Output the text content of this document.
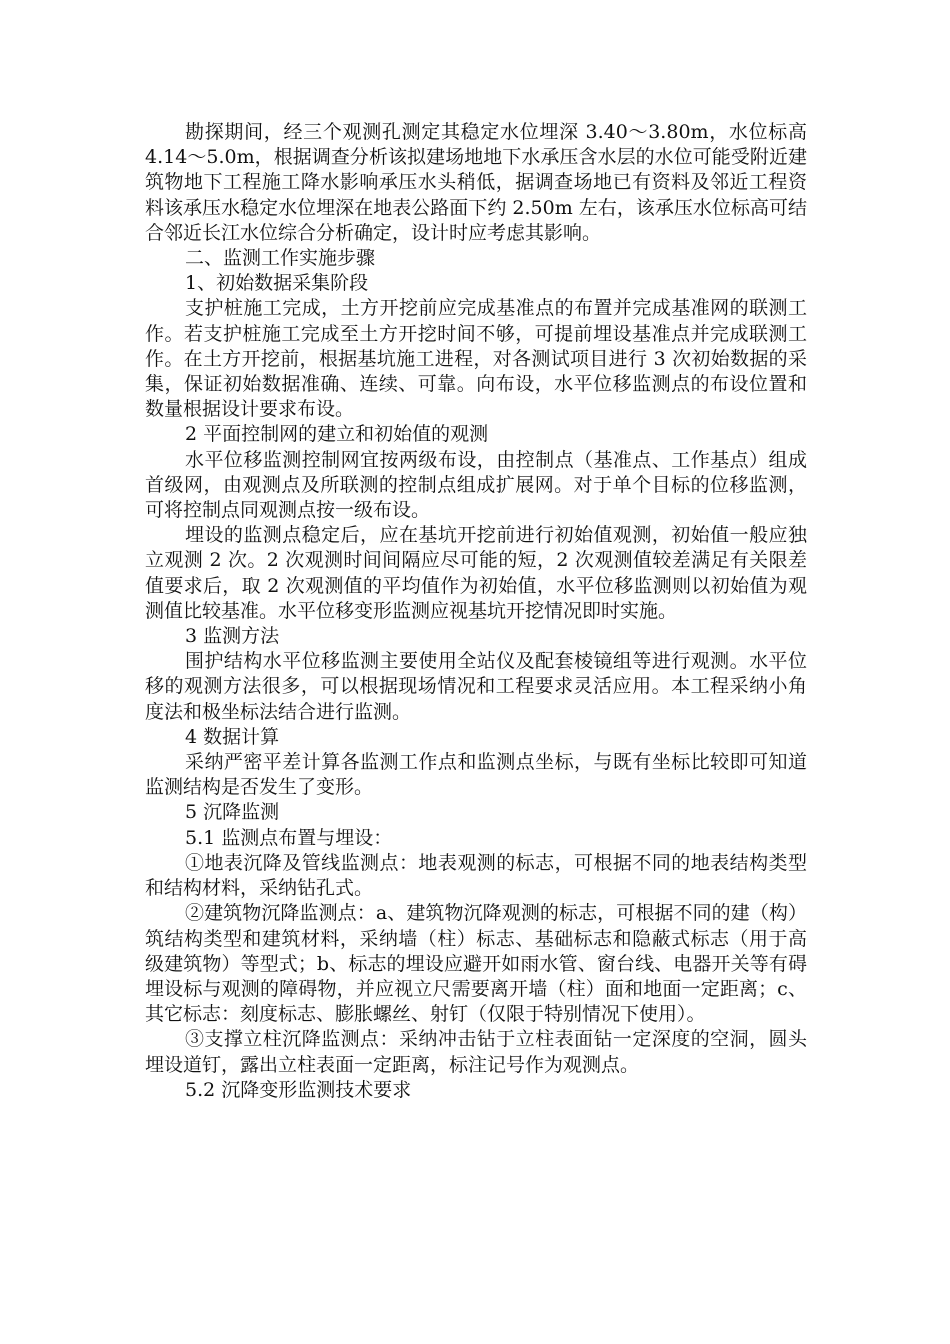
勘探期间，经三个观测孔测定其稳定水位埋深 3.40～3.80m，水位标高 4.14～5.0m，根据调查分析该拟建场地地下水承压含水层的水位可能受附近建筑物地下工程施工降水影响承压水头稍低，据调查场地已有资料及邻近工程资料该承压水稳定水位埋深在地表公路面下约 2.50m 左右，该承压水位标高可结合邻近长江水位综合分析确定，设计时应考虑其影响。

二、监测工作实施步骤

1、初始数据采集阶段

支护桩施工完成，土方开挖前应完成基准点的布置并完成基准网的联测工作。若支护桩施工完成至土方开挖时间不够，可提前埋设基准点并完成联测工作。在土方开挖前，根据基坑施工进程，对各测试项目进行 3 次初始数据的采集，保证初始数据准确、连续、可靠。向布设，水平位移监测点的布设位置和数量根据设计要求布设。

2 平面控制网的建立和初始值的观测

水平位移监测控制网宜按两级布设，由控制点（基准点、工作基点）组成首级网，由观测点及所联测的控制点组成扩展网。对于单个目标的位移监测，可将控制点同观测点按一级布设。

埋设的监测点稳定后，应在基坑开挖前进行初始值观测，初始值一般应独立观测 2 次。2 次观测时间间隔应尽可能的短，2 次观测值较差满足有关限差值要求后，取 2 次观测值的平均值作为初始值，水平位移监测则以初始值为观测值比较基准。水平位移变形监测应视基坑开挖情况即时实施。

3 监测方法

围护结构水平位移监测主要使用全站仪及配套棱镜组等进行观测。水平位移的观测方法很多，可以根据现场情况和工程要求灵活应用。本工程采纳小角度法和极坐标法结合进行监测。

4 数据计算

采纳严密平差计算各监测工作点和监测点坐标，与既有坐标比较即可知道监测结构是否发生了变形。

5 沉降监测

5.1 监测点布置与埋设：

①地表沉降及管线监测点：地表观测的标志，可根据不同的地表结构类型和结构材料，采纳钻孔式。

②建筑物沉降监测点：a、建筑物沉降观测的标志，可根据不同的建（构）筑结构类型和建筑材料，采纳墙（柱）标志、基础标志和隐蔽式标志（用于高级建筑物）等型式；b、标志的埋设应避开如雨水管、窗台线、电器开关等有碍埋设标与观测的障碍物，并应视立尺需要离开墙（柱）面和地面一定距离；c、其它标志：刻度标志、膨胀螺丝、射钉（仅限于特别情况下使用）。

③支撑立柱沉降监测点：采纳冲击钻于立柱表面钻一定深度的空洞，圆头埋设道钉，露出立柱表面一定距离，标注记号作为观测点。

5.2 沉降变形监测技术要求
